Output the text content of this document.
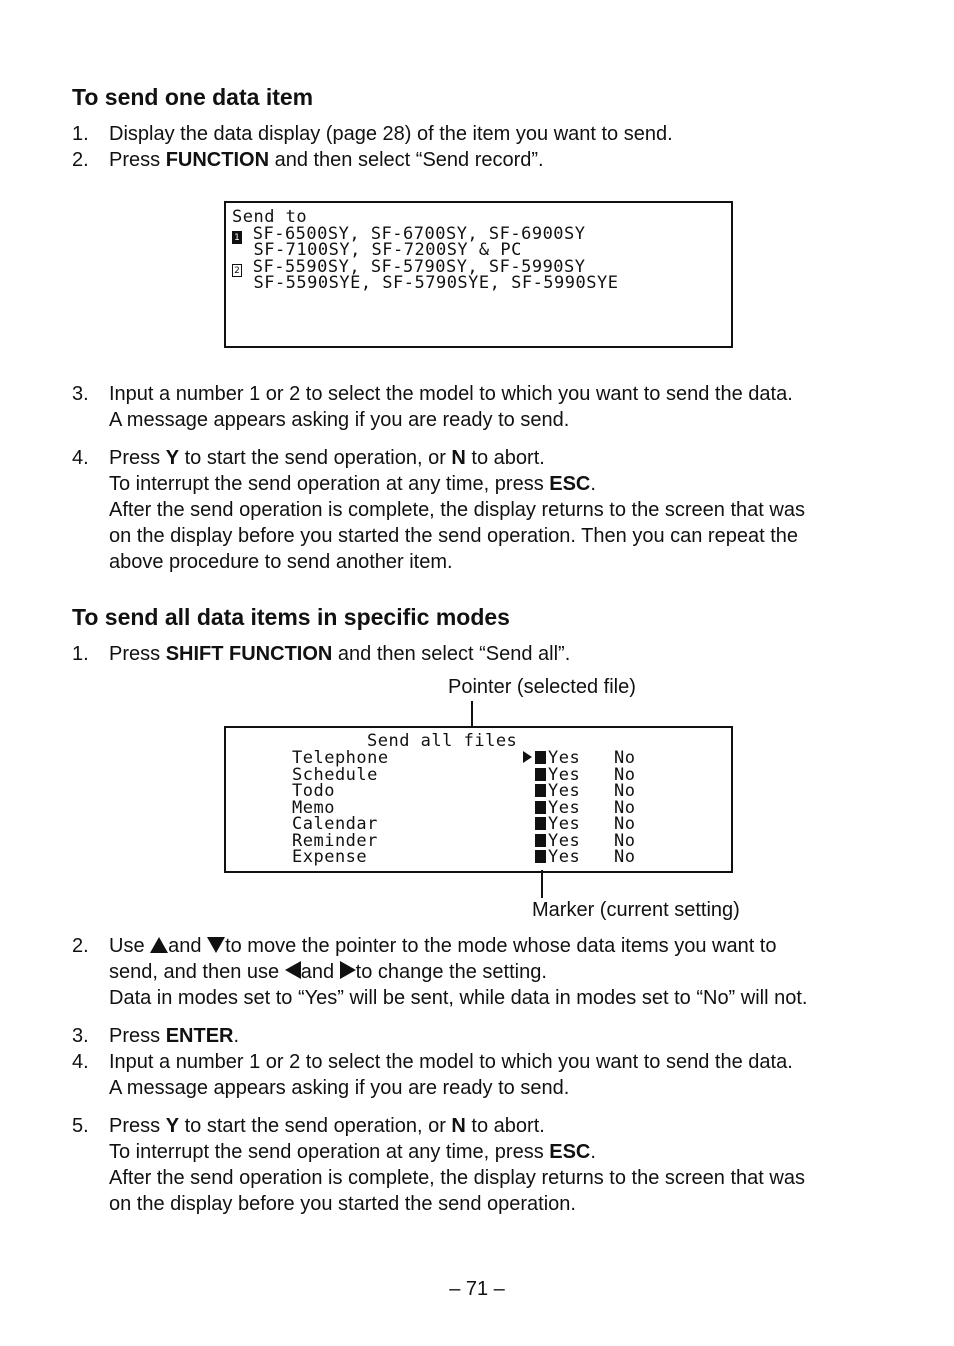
To send one data item
1. Display the data display (page 28) of the item you want to send.
2. Press FUNCTION and then select “Send record”.
Send to
1 SF-6500SY, SF-6700SY, SF-6900SY
SF-7100SY, SF-7200SY & PC
2 SF-5590SY, SF-5790SY, SF-5990SY
SF-5590SYE, SF-5790SYE, SF-5990SYE
3. Input a number 1 or 2 to select the model to which you want to send the data.
A message appears asking if you are ready to send.
4. Press Y to start the send operation, or N to abort.
To interrupt the send operation at any time, press ESC.
After the send operation is complete, the display returns to the screen that was
on the display before you started the send operation. Then you can repeat the
above procedure to send another item.
To send all data items in specific modes
1. Press SHIFT FUNCTION and then select “Send all”.
Pointer (selected file)
Send all files
Telephone
Schedule
Todo
Memo
Calendar
Reminder
Expense
Yes
Yes
Yes
Yes
Yes
Yes
Yes
No
No
No
No
No
No
No
Marker (current setting)
2. Use and to move the pointer to the mode whose data items you want to
send, and then use and to change the setting.
Data in modes set to “Yes” will be sent, while data in modes set to “No” will not.
3. Press ENTER.
4. Input a number 1 or 2 to select the model to which you want to send the data.
A message appears asking if you are ready to send.
5. Press Y to start the send operation, or N to abort.
To interrupt the send operation at any time, press ESC.
After the send operation is complete, the display returns to the screen that was
on the display before you started the send operation.
– 71 –
